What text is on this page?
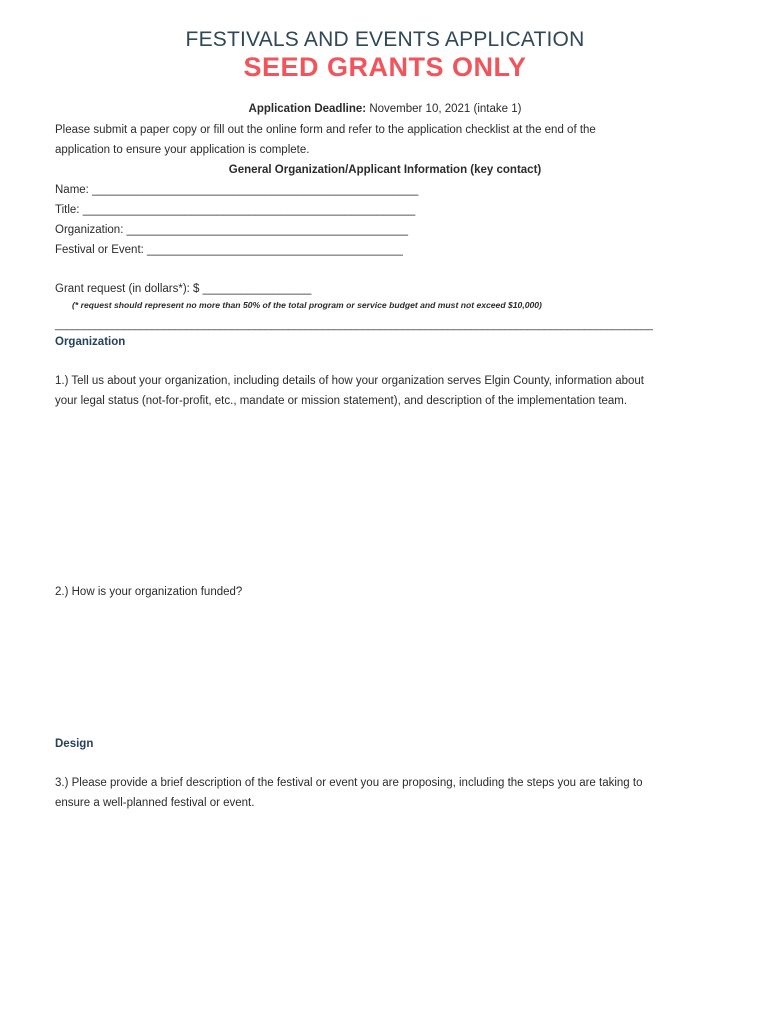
FESTIVALS AND EVENTS APPLICATION
SEED GRANTS ONLY
Application Deadline: November 10, 2021 (intake 1)
Please submit a paper copy or fill out the online form and refer to the application checklist at the end of the
application to ensure your application is complete.
General Organization/Applicant Information (key contact)
Name: ___________________________________________________
Title: ____________________________________________________
Organization: ____________________________________________
Festival or Event: ________________________________________
Grant request (in dollars*): $ _________________
(* request should represent no more than 50% of the total program or service budget and must not exceed $10,000)
_________________________________________________________________________________________________________
Organization
1.) Tell us about your organization, including details of how your organization serves Elgin County, information about
your legal status (not-for-profit, etc., mandate or mission statement), and description of the implementation team.
2.) How is your organization funded?
Design
3.) Please provide a brief description of the festival or event you are proposing, including the steps you are taking to
ensure a well-planned festival or event.
